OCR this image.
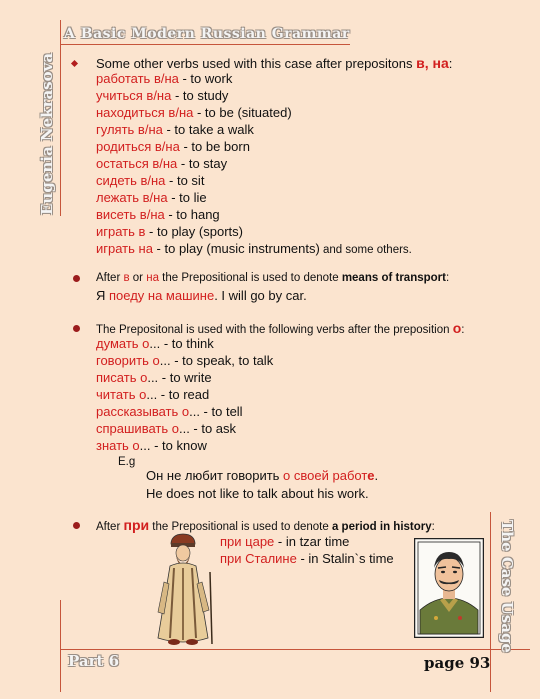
A Basic Modern Russian Grammar
Eugenia Nekrasova
The Case Usage
Part 6	page 93
Some other verbs used with this case after prepositons в, на:
работать в/на - to work
учиться в/на - to study
находиться в/на - to be (situated)
гулять в/на - to take a walk
родиться в/на - to be born
остаться в/на - to stay
сидеть в/на - to sit
лежать в/на - to lie
висеть в/на - to hang
играть в - to play (sports)
играть на - to play (music instruments) and some others.
After в or на the Prepositional is used to denote means of transport:
Я поеду на машине. I will go by car.
The Prepositonal is used with the following verbs after the preposition о:
думать о... - to think
говорить о... - to speak, to talk
писать о... - to write
читать о... - to read
рассказывать о... - to tell
спрашивать о... - to ask
знать о... - to know
E.g
Он не любит говорить о своей работе.
He does not like to talk about his work.
After при the Prepositional is used to denote a period in history:
при царе - in tzar time
при Сталине - in Stalin`s time
